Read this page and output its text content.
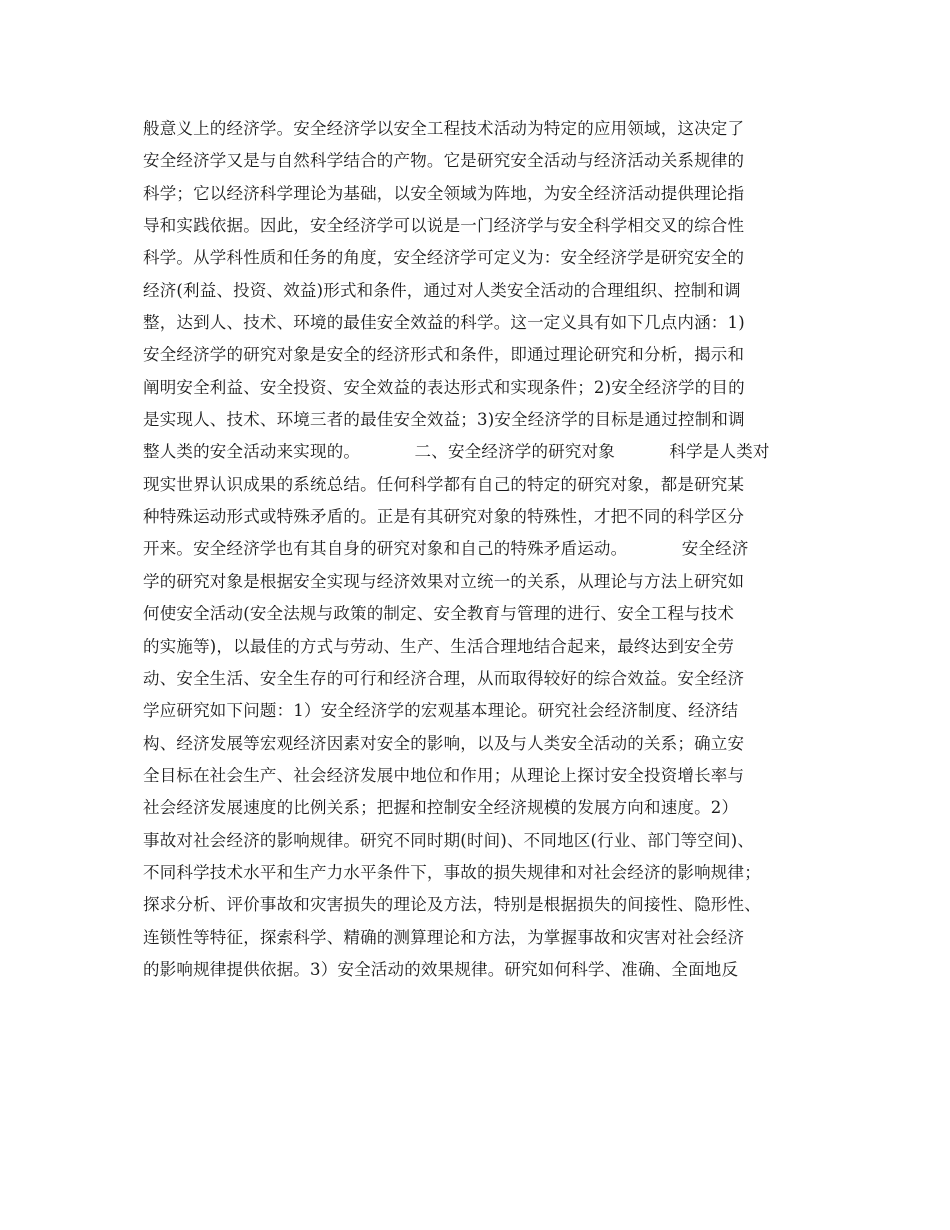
般意义上的经济学。安全经济学以安全工程技术活动为特定的应用领域，这决定了
安全经济学又是与自然科学结合的产物。它是研究安全活动与经济活动关系规律的
科学；它以经济科学理论为基础，以安全领域为阵地，为安全经济活动提供理论指
导和实践依据。因此，安全经济学可以说是一门经济学与安全科学相交叉的综合性
科学。从学科性质和任务的角度，安全经济学可定义为：安全经济学是研究安全的
经济(利益、投资、效益)形式和条件，通过对人类安全活动的合理组织、控制和调
整，达到人、技术、环境的最佳安全效益的科学。这一定义具有如下几点内涵：1)
安全经济学的研究对象是安全的经济形式和条件，即通过理论研究和分析，揭示和
阐明安全利益、安全投资、安全效益的表达形式和实现条件；2)安全经济学的目的
是实现人、技术、环境三者的最佳安全效益；3)安全经济学的目标是通过控制和调
整人类的安全活动来实现的。          二、安全经济学的研究对象          科学是人类对
现实世界认识成果的系统总结。任何科学都有自己的特定的研究对象，都是研究某
种特殊运动形式或特殊矛盾的。正是有其研究对象的特殊性，才把不同的科学区分
开来。安全经济学也有其自身的研究对象和自己的特殊矛盾运动。          安全经济
学的研究对象是根据安全实现与经济效果对立统一的关系，从理论与方法上研究如
何使安全活动(安全法规与政策的制定、安全教育与管理的进行、安全工程与技术
的实施等)，以最佳的方式与劳动、生产、生活合理地结合起来，最终达到安全劳
动、安全生活、安全生存的可行和经济合理，从而取得较好的综合效益。安全经济
学应研究如下问题：1）安全经济学的宏观基本理论。研究社会经济制度、经济结
构、经济发展等宏观经济因素对安全的影响，以及与人类安全活动的关系；确立安
全目标在社会生产、社会经济发展中地位和作用；从理论上探讨安全投资增长率与
社会经济发展速度的比例关系；把握和控制安全经济规模的发展方向和速度。2）
事故对社会经济的影响规律。研究不同时期(时间)、不同地区(行业、部门等空间)、
不同科学技术水平和生产力水平条件下，事故的损失规律和对社会经济的影响规律；
探求分析、评价事故和灾害损失的理论及方法，特别是根据损失的间接性、隐形性、
连锁性等特征，探索科学、精确的测算理论和方法，为掌握事故和灾害对社会经济
的影响规律提供依据。3）安全活动的效果规律。研究如何科学、准确、全面地反
